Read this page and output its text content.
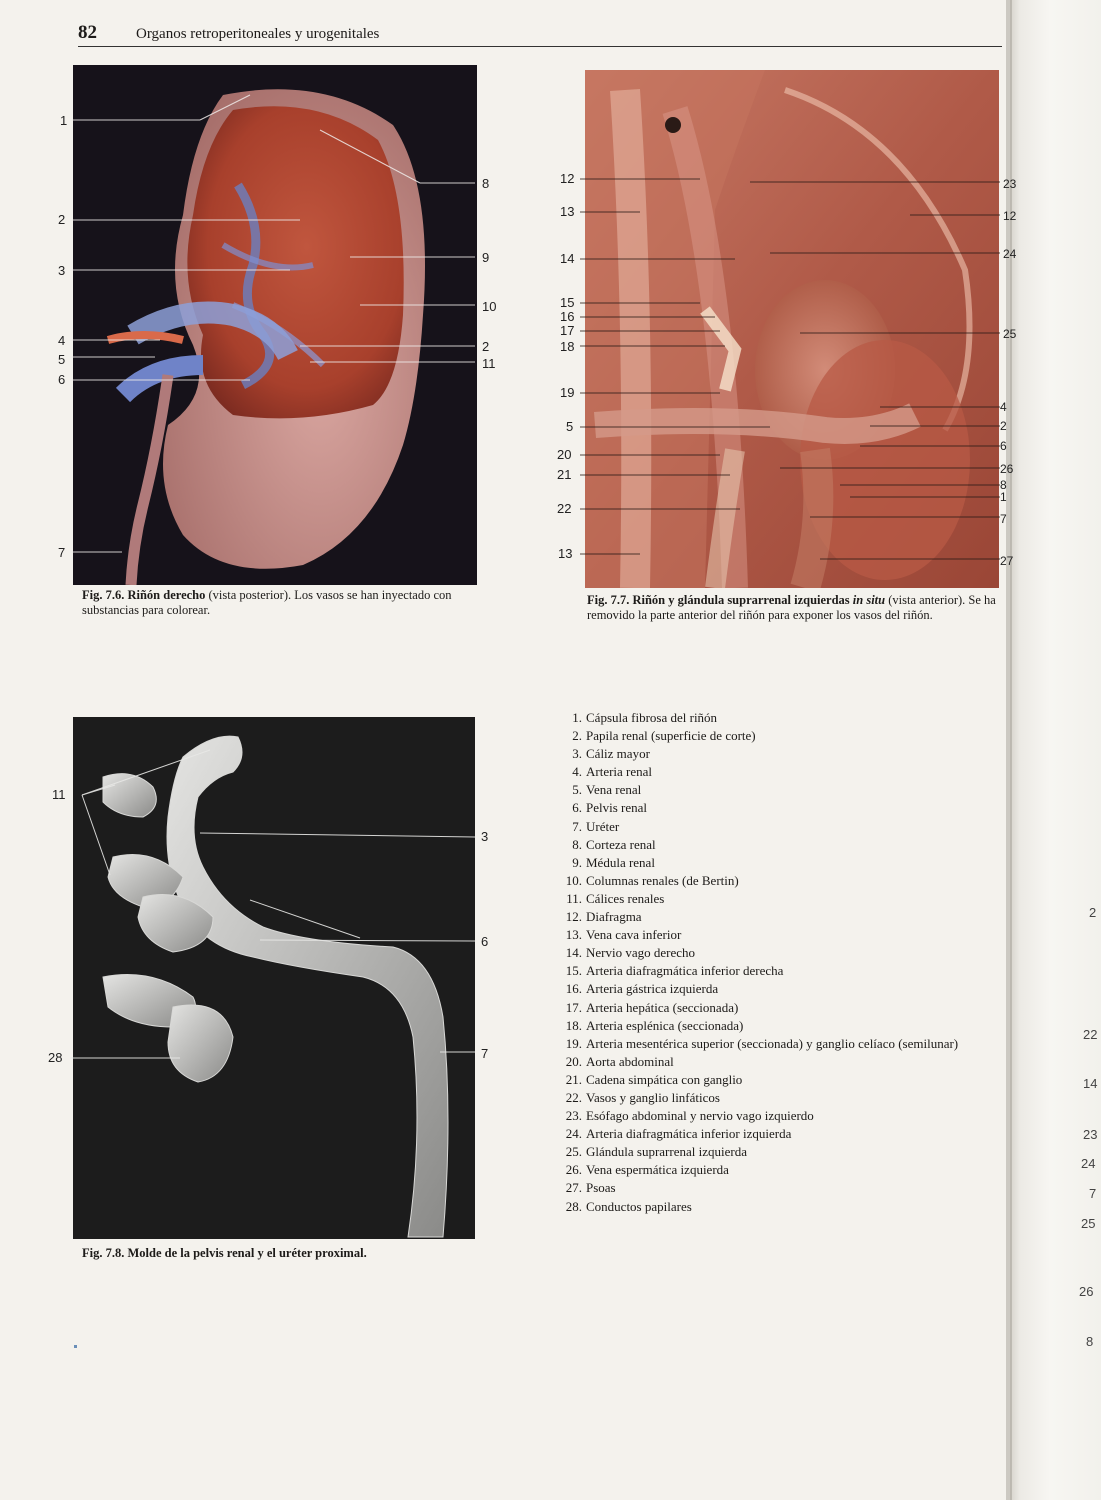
82	Organos retroperitoneales y urogenitales
1
2
3
4
5
6
7
8
9
10
2
11
Fig. 7.6. Riñón derecho (vista posterior). Los vasos se han inyectado con substancias para colorear.
12
13
14
15
16
17
18
19
5
20
21
22
13
23
12
24
25
4
2
6
26
8
1
7
27
Fig. 7.7. Riñón y glándula suprarrenal izquierdas in situ (vista anterior). Se ha removido la parte anterior del riñón para exponer los vasos del riñón.
11
28
3
6
7
Fig. 7.8. Molde de la pelvis renal y el uréter proximal.
1. Cápsula fibrosa del riñón
2. Papila renal (superficie de corte)
3. Cáliz mayor
4. Arteria renal
5. Vena renal
6. Pelvis renal
7. Uréter
8. Corteza renal
9. Médula renal
10. Columnas renales (de Bertin)
11. Cálices renales
12. Diafragma
13. Vena cava inferior
14. Nervio vago derecho
15. Arteria diafragmática inferior derecha
16. Arteria gástrica izquierda
17. Arteria hepática (seccionada)
18. Arteria esplénica (seccionada)
19. Arteria mesentérica superior (seccionada) y ganglio celíaco (semilunar)
20. Aorta abdominal
21. Cadena simpática con ganglio
22. Vasos y ganglio linfáticos
23. Esófago abdominal y nervio vago izquierdo
24. Arteria diafragmática inferior izquierda
25. Glándula suprarrenal izquierda
26. Vena espermática izquierda
27. Psoas
28. Conductos papilares
2
22
14
23
24
7
25
26
8
